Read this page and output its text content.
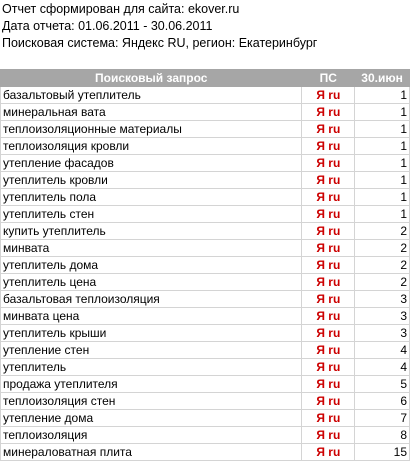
Отчет сформирован для сайта: ekover.ru
Дата отчета: 01.06.2011 - 30.06.2011
Поисковая система: Яндекс RU, регион: Екатеринбург
Поисковый запрос	ПС	30.июн
базальтовый утеплитель	Я ru	1
минеральная вата	Я ru	1
теплоизоляционные материалы	Я ru	1
теплоизоляция кровли	Я ru	1
утепление фасадов	Я ru	1
утеплитель кровли	Я ru	1
утеплитель пола	Я ru	1
утеплитель стен	Я ru	1
купить утеплитель	Я ru	2
минвата	Я ru	2
утеплитель дома	Я ru	2
утеплитель цена	Я ru	2
базальтовая теплоизоляция	Я ru	3
минвата цена	Я ru	3
утеплитель крыши	Я ru	3
утепление стен	Я ru	4
утеплитель	Я ru	4
продажа утеплителя	Я ru	5
теплоизоляция стен	Я ru	6
утепление дома	Я ru	7
теплоизоляция	Я ru	8
минераловатная плита	Я ru	15
